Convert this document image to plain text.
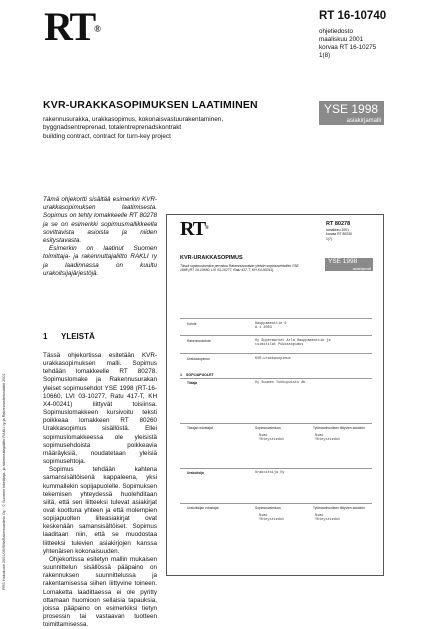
RT®
RT 16-10740
ohjetiedosto
maaliskuu 2001
korvaa RT 16-10275
1(8)
KVR-URAKKASOPIMUKSEN LAATIMINEN
rakennusurakka, urakkasopimus, kokonaisvastuurakentaminen,
byggnadsentreprenad, totalentreprenadskontrakt
building contract, contract for turn-key project
YSE 1998
asiakirjamalli

Tämä ohjekortti sisältää esimerkin KVR-urakkasopimuksen laatimisesta. Sopimus on tehty lomakkeelle RT 80278 ja se on esimerkki sopimusmallikkeella sovittavista asioista ja niiden esitystavasta.

Esimerkin on laatinut Suomen toimittaja- ja rakennuttajaliitto RAKLI ry ja laadinnassa on kuultu urakoitsijajärjestöjä.

1 YLEISTÄ

Tässä ohjekortissa esitetään KVR-urakkasopimuksen malli. Sopimus tehdään lomakkeelle RT 80278. Sopimuslomake ja Rakennusurakan yleiset sopimusehdot YSE 1998 (RT-16-10660, LVI 03-10277, Ratu 417-T, KH X4-00241) liittyvät toisiinsa. Sopimuslomakkeen kursivoitu teksti poikkeaa lomakkeen RT 80260 Urakkasopimus sisällöstä. Ellei sopimuslomakkeessa ole yleisistä sopimusehdoista poikkeavia määräyksiä, noudatetaan yleisiä sopimusehtoja.

Sopimus tehdään kahtena samansisältöisenä kappaleena, yksi kummallekin sopijapuolelle. Sopimuksen tekemisen yhteydessä huolehditaan siitä, että sen liitteeksi tulevat asiakirjat ovat koottuna yhteen ja että molempien sopijapuolten liiteasiakirjat ovat keskenään samansisältöiset. Sopimus laaditaan niin, että se muodostaa liitteeksi tulevien asiakirjojen kanssa yhtenäisen kokonaisuuden.

Ohjekortissa esitetyn mallin mukaisen suunnittelun sisällössä pääpaino on rakennuksen suunnittelussa ja rakentamisessa siihen liittyvine toineen. Lomaketta laadittaessa ei ole pyritty ottamaan huomioon sellaisia tapauksia, joissa pääpaino on esimerkiksi tietyn prosessin tai vastaavan tuotteen toimittamisessa.

PRS Hakukone 2001/05/SMaRakennustieto Oy · © Suomen toimittaja- ja rakennuttajaliitto RAKLI ry ja Rakennustietosäätiö 2001
RT®
RT 80278
lomakkeu 2001
korvaa RT 80230
1(7)
KVR-URAKKASOPIMUS
Tässä sopimuslomake perustuu Rakennusurakan yleisiin sopimusehtoihin YSE 1998 (RT 16-10660, LVI 03-10277, Ratu 417-T, KH X4-00241).
YSE 1998
asiakirjamalli
Kohde	Hauppamenttie 6
A 1 2003
Rakennuskohde	Oy Supermarket Arla Hauppamenttie ja
toimitilat Pukkasopimus
Urakkasopimus	KVR-urakkasopimus
1 SOPIJAPUOLET
Tilaaja	Oy Suomen Tukkupuisto Ab
Tilaajan edustajat	Sopimusvalmiuus	Työmaanhuolleen liittyvien asioiden
Nimi
Yhteystiedot
Nimi
Yhteystiedot
Urakoitsija	Urakoitsija Oy
Urakoitsijan edustajat	Sopimusvalmiuus	Työmaanhuolleen liittyvien asioiden
Nimi
Yhteystiedot
Nimi
Yhteystiedot
